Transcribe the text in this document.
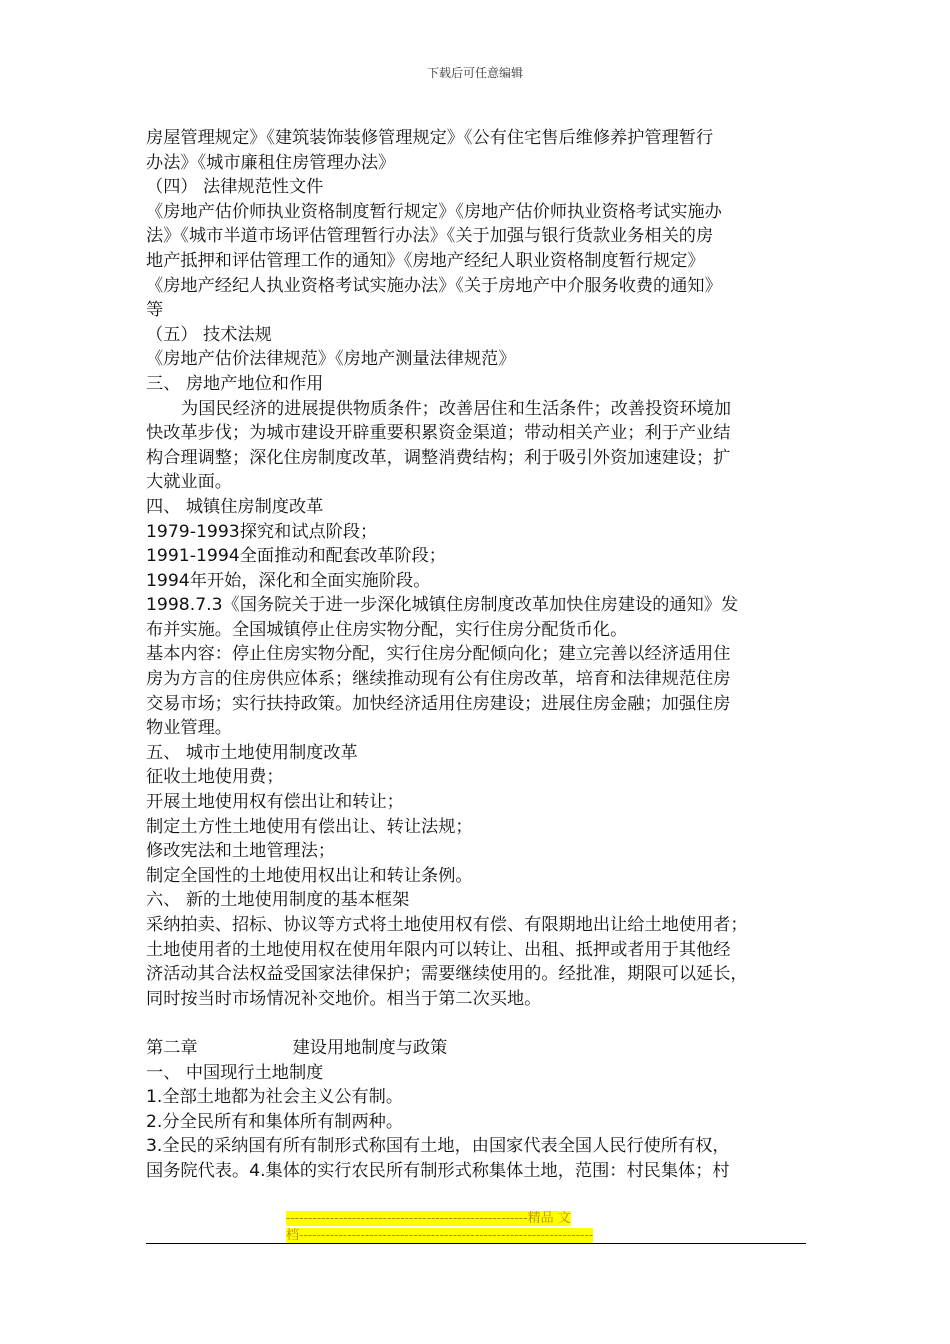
下载后可任意编辑

房屋管理规定》《建筑装饰装修管理规定》《公有住宅售后维修养护管理暂行

办法》《城市廉租住房管理办法》

（四） 法律规范性文件

《房地产估价师执业资格制度暂行规定》《房地产估价师执业资格考试实施办

法》《城市半道市场评估管理暂行办法》《关于加强与银行货款业务相关的房

地产抵押和评估管理工作的通知》《房地产经纪人职业资格制度暂行规定》

《房地产经纪人执业资格考试实施办法》《关于房地产中介服务收费的通知》

等

（五） 技术法规

《房地产估价法律规范》《房地产测量法律规范》

三、 房地产地位和作用

为国民经济的进展提供物质条件；改善居住和生活条件；改善投资环境加

快改革步伐；为城市建设开辟重要积累资金渠道；带动相关产业；利于产业结

构合理调整；深化住房制度改革，调整消费结构；利于吸引外资加速建设；扩

大就业面。

四、 城镇住房制度改革

1979-1993探究和试点阶段；

1991-1994全面推动和配套改革阶段；

1994年开始，深化和全面实施阶段。

1998.7.3《国务院关于进一步深化城镇住房制度改革加快住房建设的通知》发

布并实施。全国城镇停止住房实物分配，实行住房分配货币化。

基本内容：停止住房实物分配，实行住房分配倾向化；建立完善以经济适用住

房为方言的住房供应体系；继续推动现有公有住房改革，培育和法律规范住房

交易市场；实行扶持政策。加快经济适用住房建设；进展住房金融；加强住房

物业管理。

五、 城市土地使用制度改革

征收土地使用费；

开展土地使用权有偿出让和转让；

制定土方性土地使用有偿出让、转让法规；

修改宪法和土地管理法；

制定全国性的土地使用权出让和转让条例。

六、 新的土地使用制度的基本框架

采纳拍卖、招标、协议等方式将土地使用权有偿、有限期地出让给土地使用者；

土地使用者的土地使用权在使用年限内可以转让、出租、抵押或者用于其他经

济活动其合法权益受国家法律保护；需要继续使用的。经批准，期限可以延长，

同时按当时市场情况补交地价。相当于第二次买地。

第二章	建设用地制度与政策

一、 中国现行土地制度

1.全部土地都为社会主义公有制。

2.分全民所有和集体所有制两种。

3.全民的采纳国有所有制形式称国有土地，由国家代表全国人民行使所有权，

国务院代表。4.集体的实行农民所有制形式称集体土地，范围：村民集体；村

-------------------------------------------------------精品 文
档-------------------------------------------------------------------
